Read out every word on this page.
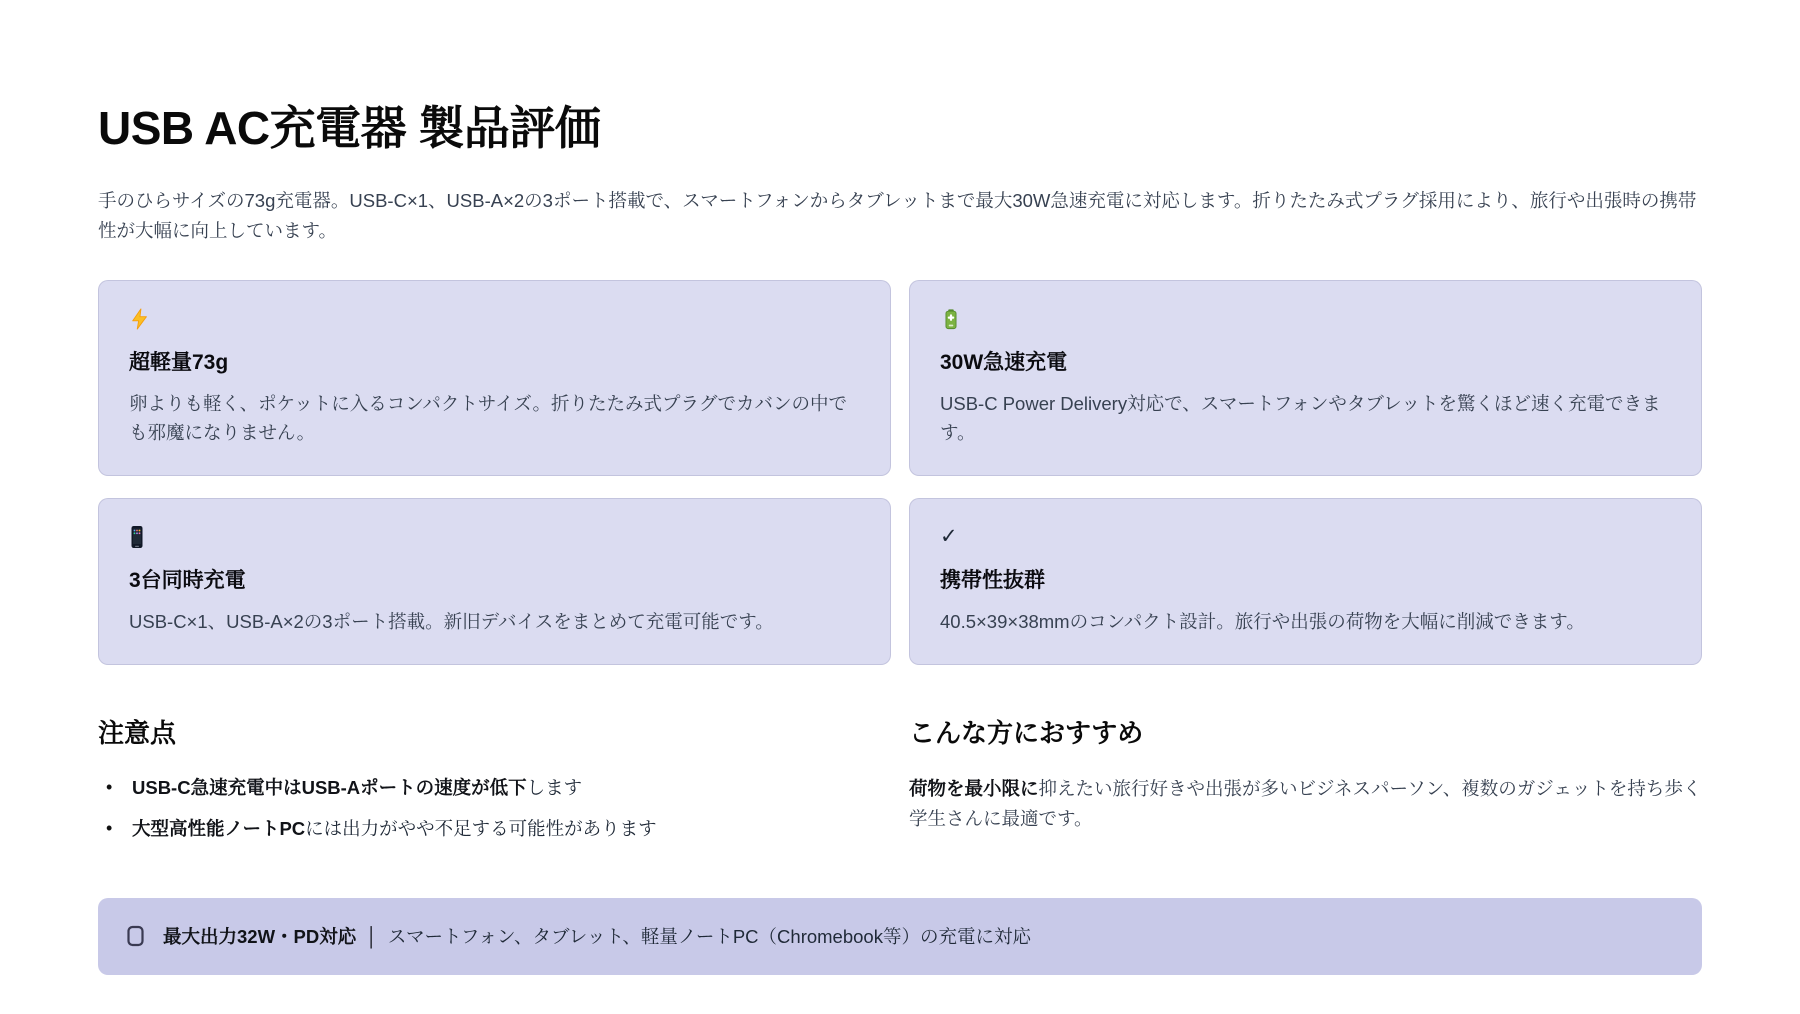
USB AC充電器 製品評価

手のひらサイズの73g充電器。USB-C×1、USB-A×2の3ポート搭載で、スマートフォンからタブレットまで最大30W急速充電に対応します。折りたたみ式プラグ採用により、旅行や出張時の携帯性が大幅に向上しています。

超軽量73g
卵よりも軽く、ポケットに入るコンパクトサイズ。折りたたみ式プラグでカバンの中でも邪魔になりません。
30W急速充電
USB-C Power Delivery対応で、スマートフォンやタブレットを驚くほど速く充電できます。
3台同時充電
USB-C×1、USB-A×2の3ポート搭載。新旧デバイスをまとめて充電可能です。
✓
携帯性抜群
40.5×39×38mmのコンパクト設計。旅行や出張の荷物を大幅に削減できます。
注意点
•	USB-C急速充電中はUSB-Aポートの速度が低下します
•	大型高性能ノートPCには出力がやや不足する可能性があります
こんな方におすすめ

荷物を最小限に抑えたい旅行好きや出張が多いビジネスパーソン、複数のガジェットを持ち歩く学生さんに最適です。

最大出力32W・PD対応 │ スマートフォン、タブレット、軽量ノートPC（Chromebook等）の充電に対応
